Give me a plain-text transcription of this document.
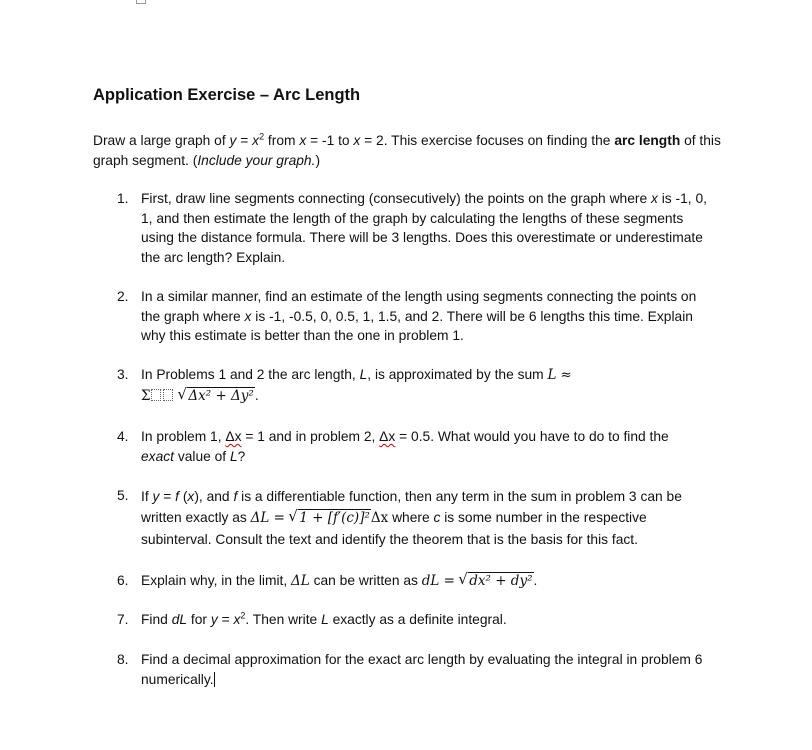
Application Exercise – Arc Length

Draw a large graph of $y = x^2$ from x = -1 to x = 2. This exercise focuses on finding the arc length of this graph segment. (Include your graph.)

1. First, draw line segments connecting (consecutively) the points on the graph where x is -1, 0, 1, and then estimate the length of the graph by calculating the lengths of these segments using the distance formula. There will be 3 lengths. Does this overestimate or underestimate the arc length? Explain.
2. In a similar manner, find an estimate of the length using segments connecting the points on the graph where x is -1, -0.5, 0, 0.5, 1, 1.5, and 2. There will be 6 lengths this time. Explain why this estimate is better than the one in problem 1.
3. In Problems 1 and 2 the arc length, L, is approximated by the sum L ≈
Σ √	Δx² + Δy².
4. In problem 1, Δx = 1 and in problem 2, Δx = 0.5. What would you have to do to find the
exact value of L?
5. If y = f (x), and f is a differentiable function, then any term in the sum in problem 3 can be written exactly as ΔL = √ 1 + [f′(c)]²Δx where c is some number in the respective subinterval. Consult the text and identify the theorem that is the basis for this fact.
6. Explain why, in the limit, ΔL can be written as dL = √ dx² + dy².
7. Find dL for $y = x^2$. Then write L exactly as a definite integral.
8. Find a decimal approximation for the exact arc length by evaluating the integral in problem 6 numerically.
